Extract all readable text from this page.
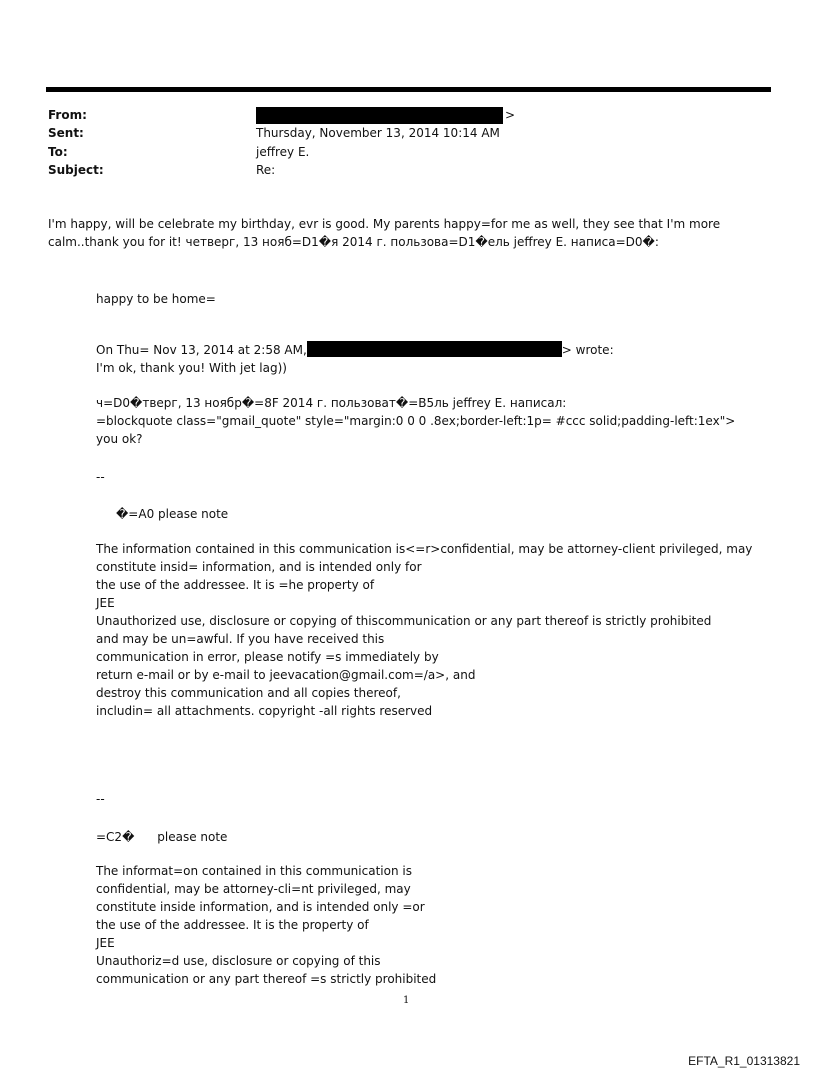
From:	>
Sent:	Thursday, November 13, 2014 10:14 AM
To:	jeffrey E.
Subject:	Re:
I'm happy, will be celebrate my birthday, evr is good. My parents happy=for me as well, they see that I'm more calm..thank you for it! четверг, 13 нояб=D1�я 2014 г. пользова=D1�ель jeffrey E. написа=D0�:
happy to be home=
On Thu= Nov 13, 2014 at 2:58 AM,	> wrote:
I'm ok, thank you! With jet lag))
ч=D0�тверг, 13 ноябр�=8F 2014 г. пользоват�=B5ль jeffrey E. написал:
=blockquote class="gmail_quote" style="margin:0 0 0 .8ex;border-left:1p= #ccc solid;padding-left:1ex">
you ok?
--
�=A0 please note
The information contained in this communication is<=r>confidential, may be attorney-client privileged, may
constitute insid= information, and is intended only for
the use of the addressee. It is =he property of
JEE
Unauthorized use, disclosure or copying of thiscommunication or any part thereof is strictly prohibited
and may be un=awful. If you have received this
communication in error, please notify =s immediately by
return e-mail or by e-mail to jeevacation@gmail.com=/a>, and
destroy this communication and all copies thereof,
includin= all attachments. copyright -all rights reserved
--
=C2�      please note
The informat=on contained in this communication is
confidential, may be attorney-cli=nt privileged, may
constitute inside information, and is intended only =or
the use of the addressee. It is the property of
JEE
Unauthoriz=d use, disclosure or copying of this
communication or any part thereof =s strictly prohibited
1
EFTA_R1_01313821
